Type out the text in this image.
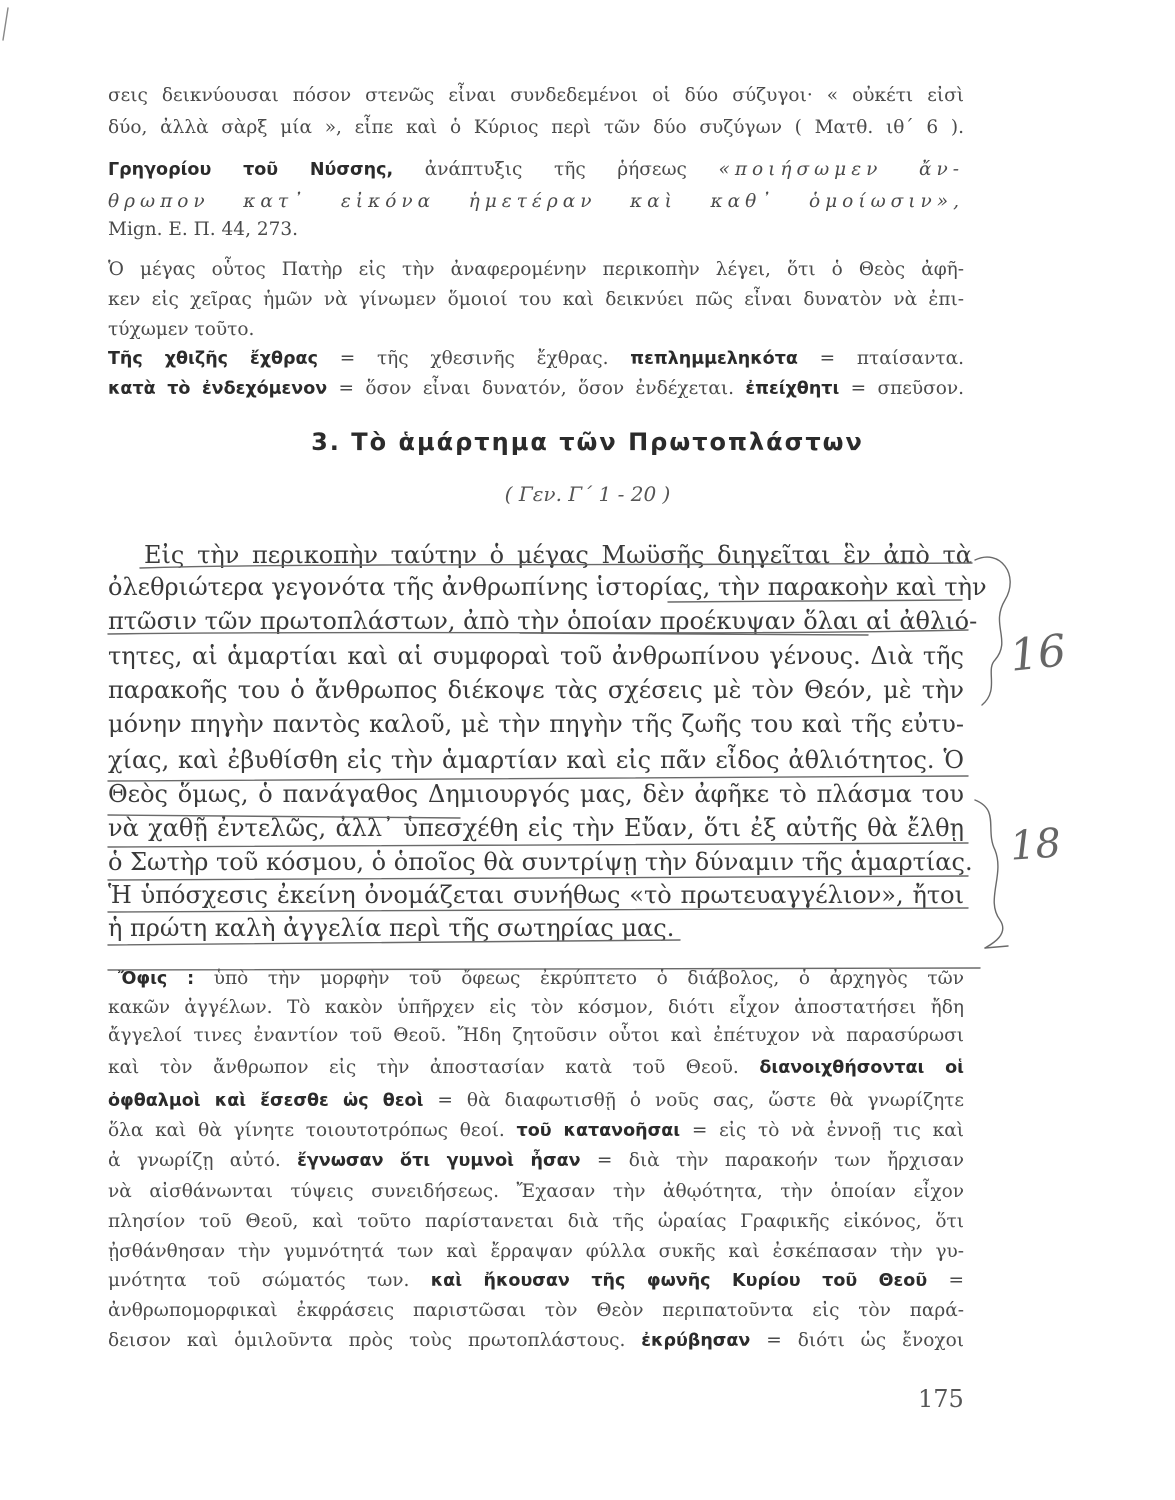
σεις δεικνύουσαι πόσον στενῶς εἶναι συνδεδεμένοι οἱ δύο σύζυγοι· « οὐκέτι εἰσὶ
δύο, ἀλλὰ σὰρξ μία », εἶπε καὶ ὁ Κύριος περὶ τῶν δύο συζύγων ( Ματθ. ιθ΄ 6 ).
Γρηγορίου τοῦ Νύσσης, ἀνάπτυξις τῆς ῥήσεως «ποιήσωμεν ἄν-
θρωπον κατ᾽ εἰκόνα ἡμετέραν καὶ καθ᾽ ὁμοίωσιν»,
Mign. E. Π. 44, 273.
Ὁ μέγας οὗτος Πατὴρ εἰς τὴν ἀναφερομένην περικοπὴν λέγει, ὅτι ὁ Θεὸς ἀφῆ-
κεν εἰς χεῖρας ἡμῶν νὰ γίνωμεν ὅμοιοί του καὶ δεικνύει πῶς εἶναι δυνατὸν νὰ ἐπι-
τύχωμεν τοῦτο.
Τῆς χθιζῆς ἔχθρας = τῆς χθεσινῆς ἔχθρας. πεπλημμεληκότα = πταίσαντα.
κατὰ τὸ ἐνδεχόμενον = ὅσον εἶναι δυνατόν, ὅσον ἐνδέχεται. ἐπείχθητι = σπεῦσον.
3. Τὸ ἁμάρτημα τῶν Πρωτοπλάστων
( Γεν. Γ΄ 1 - 20 )
Εἰς τὴν περικοπὴν ταύτην ὁ μέγας Μωϋσῆς διηγεῖται ἓν ἀπὸ τὰ
ὀλεθριώτερα γεγονότα τῆς ἀνθρωπίνης ἱστορίας, τὴν παρακοὴν καὶ τὴν
πτῶσιν τῶν πρωτοπλάστων, ἀπὸ τὴν ὁποίαν προέκυψαν ὅλαι αἱ ἀθλιό-
τητες, αἱ ἁμαρτίαι καὶ αἱ συμφοραὶ τοῦ ἀνθρωπίνου γένους. Διὰ τῆς
παρακοῆς του ὁ ἄνθρωπος διέκοψε τὰς σχέσεις μὲ τὸν Θεόν, μὲ τὴν
μόνην πηγὴν παντὸς καλοῦ, μὲ τὴν πηγὴν τῆς ζωῆς του καὶ τῆς εὐτυ-
χίας, καὶ ἐβυθίσθη εἰς τὴν ἁμαρτίαν καὶ εἰς πᾶν εἶδος ἀθλιότητος. Ὁ
Θεὸς ὅμως, ὁ πανάγαθος Δημιουργός μας, δὲν ἀφῆκε τὸ πλάσμα του
νὰ χαθῇ ἐντελῶς, ἀλλ᾽ ὑπεσχέθη εἰς τὴν Εὔαν, ὅτι ἐξ αὐτῆς θὰ ἔλθῃ
ὁ Σωτὴρ τοῦ κόσμου, ὁ ὁποῖος θὰ συντρίψῃ τὴν δύναμιν τῆς ἁμαρτίας.
Ἡ ὑπόσχεσις ἐκείνη ὀνομάζεται συνήθως «τὸ πρωτευαγγέλιον», ἤτοι
ἡ πρώτη καλὴ ἀγγελία περὶ τῆς σωτηρίας μας.
Ὄφις : ὑπὸ τὴν μορφὴν τοῦ ὄφεως ἐκρύπτετο ὁ διάβολος, ὁ ἀρχηγὸς τῶν
κακῶν ἀγγέλων. Τὸ κακὸν ὑπῆρχεν εἰς τὸν κόσμον, διότι εἶχον ἀποστατήσει ἤδη
ἄγγελοί τινες ἐναντίον τοῦ Θεοῦ. Ἤδη ζητοῦσιν οὗτοι καὶ ἐπέτυχον νὰ παρασύρωσι
καὶ τὸν ἄνθρωπον εἰς τὴν ἀποστασίαν κατὰ τοῦ Θεοῦ. διανοιχθήσονται οἱ
ὀφθαλμοὶ καὶ ἔσεσθε ὡς θεοὶ = θὰ διαφωτισθῇ ὁ νοῦς σας, ὥστε θὰ γνωρίζητε
ὅλα καὶ θὰ γίνητε τοιουτοτρόπως θεοί. τοῦ κατανοῆσαι = εἰς τὸ νὰ ἐννοῇ τις καὶ
ἀ γνωρίζῃ αὐτό. ἔγνωσαν ὅτι γυμνοὶ ἦσαν = διὰ τὴν παρακοήν των ἤρχισαν
νὰ αἰσθάνωνται τύψεις συνειδήσεως. Ἔχασαν τὴν ἀθῳότητα, τὴν ὁποίαν εἶχον
πλησίον τοῦ Θεοῦ, καὶ τοῦτο παρίστανεται διὰ τῆς ὡραίας Γραφικῆς εἰκόνος, ὅτι
ᾐσθάνθησαν τὴν γυμνότητά των καὶ ἔρραψαν φύλλα συκῆς καὶ ἐσκέπασαν τὴν γυ-
μνότητα τοῦ σώματός των. καὶ ἤκουσαν τῆς φωνῆς Κυρίου τοῦ Θεοῦ =
ἀνθρωπομορφικαὶ ἐκφράσεις παριστῶσαι τὸν Θεὸν περιπατοῦντα εἰς τὸν παρά-
δεισον καὶ ὁμιλοῦντα πρὸς τοὺς πρωτοπλάστους. ἐκρύβησαν = διότι ὡς ἔνοχοι
175
16
18
